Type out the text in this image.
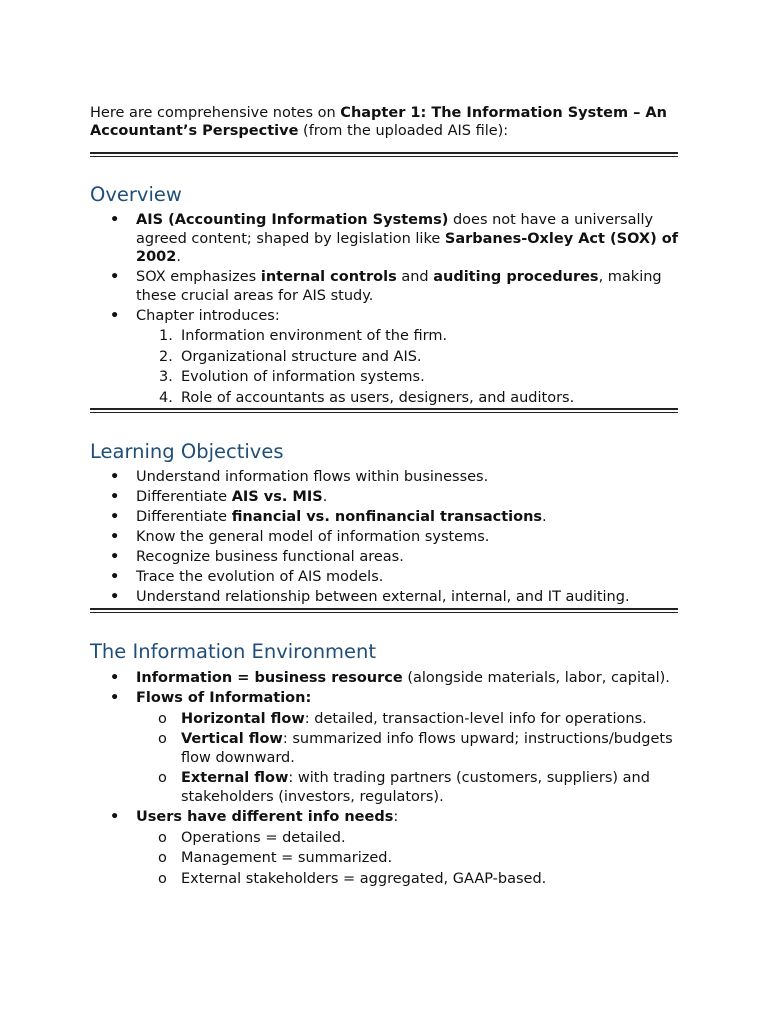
Here are comprehensive notes on Chapter 1: The Information System – An Accountant’s Perspective (from the uploaded AIS file):

Overview
• AIS (Accounting Information Systems) does not have a universally agreed content; shaped by legislation like Sarbanes-Oxley Act (SOX) of 2002.
• SOX emphasizes internal controls and auditing procedures, making these crucial areas for AIS study.
• Chapter introduces:
1. Information environment of the firm.
2. Organizational structure and AIS.
3. Evolution of information systems.
4. Role of accountants as users, designers, and auditors.
Learning Objectives
• Understand information flows within businesses.
• Differentiate AIS vs. MIS.
• Differentiate financial vs. nonfinancial transactions.
• Know the general model of information systems.
• Recognize business functional areas.
• Trace the evolution of AIS models.
• Understand relationship between external, internal, and IT auditing.
The Information Environment
• Information = business resource (alongside materials, labor, capital).
• Flows of Information:
o Horizontal flow: detailed, transaction-level info for operations.
o Vertical flow: summarized info flows upward; instructions/budgets flow downward.
o External flow: with trading partners (customers, suppliers) and stakeholders (investors, regulators).
• Users have different info needs:
o Operations = detailed.
o Management = summarized.
o External stakeholders = aggregated, GAAP-based.
